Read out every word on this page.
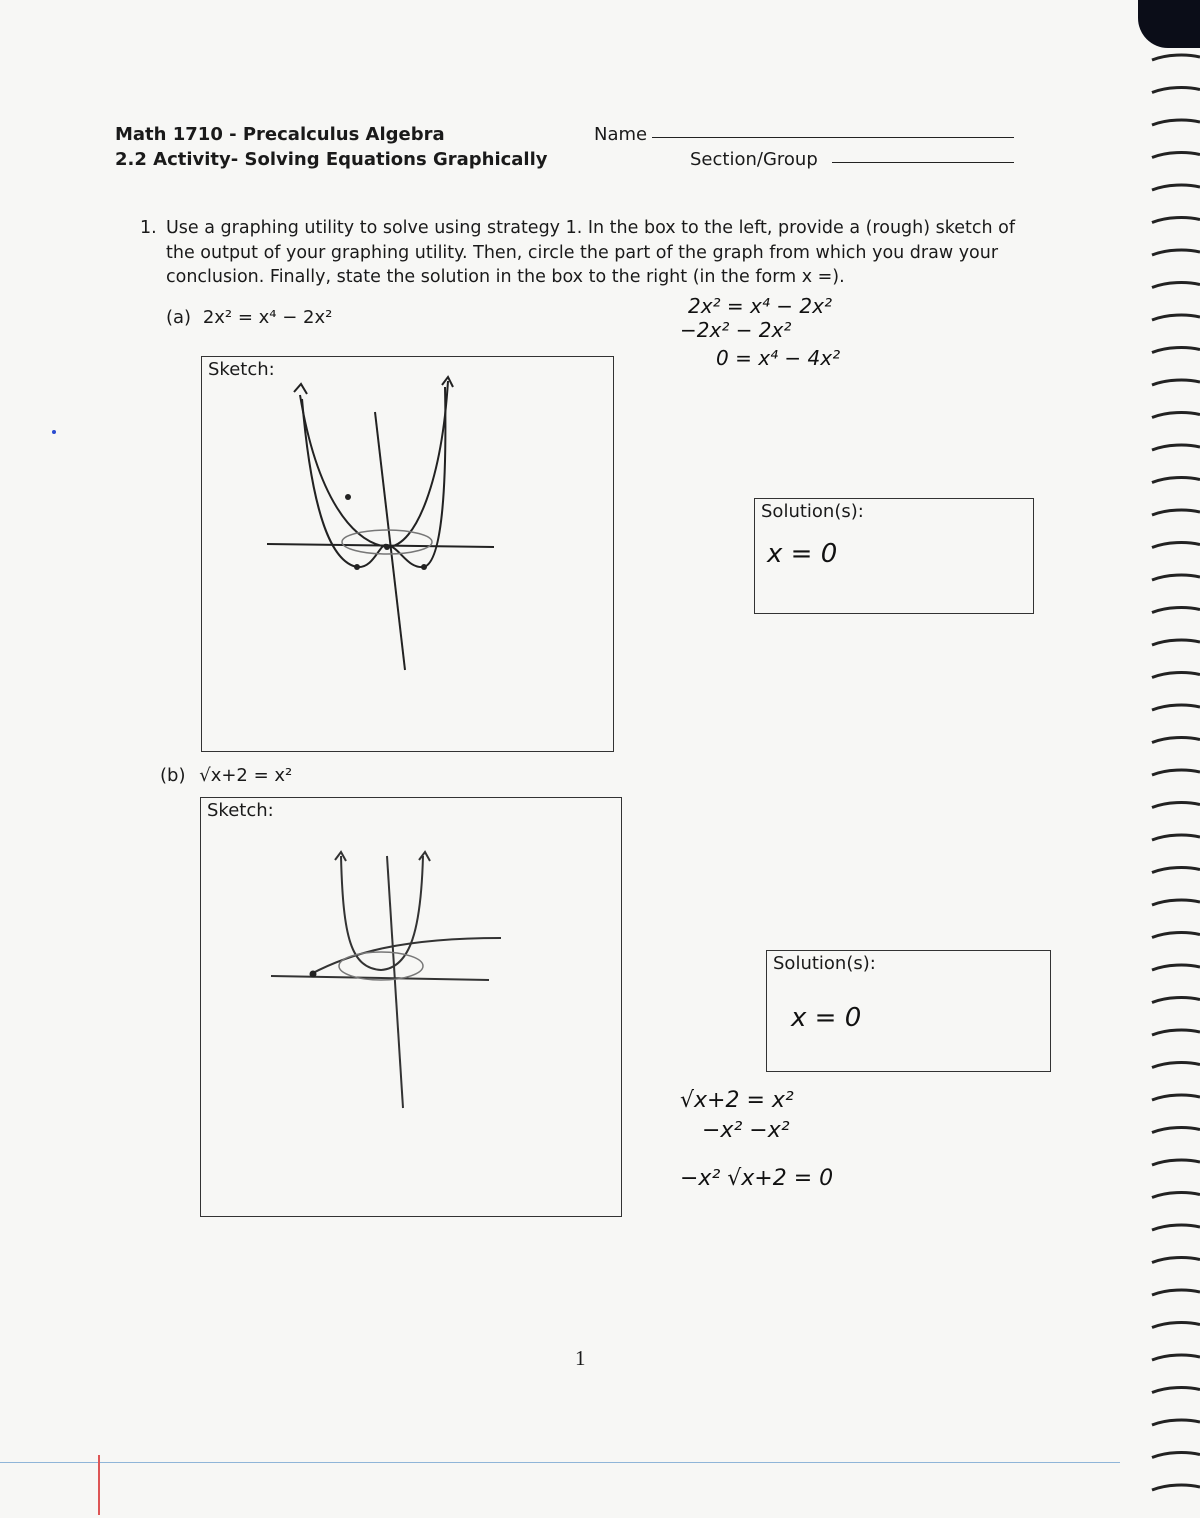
Math 1710 - Precalculus Algebra
2.2 Activity- Solving Equations Graphically
Name
Section/Group
1. Use a graphing utility to solve using strategy 1. In the box to the left, provide a (rough) sketch of the output of your graphing utility. Then, circle the part of the graph from which you draw your conclusion. Finally, state the solution in the box to the right (in the form x =).
(a) 2x² = x⁴ − 2x²	2x² = x⁴ − 2x²
−2x² − 2x²
0 = x⁴ − 4x²
Sketch:
Solution(s):
x = 0
(b) √x+2 = x²
Sketch:
Solution(s):
x = 0
√x+2 = x²
−x² −x²
−x² √x+2 = 0
1
